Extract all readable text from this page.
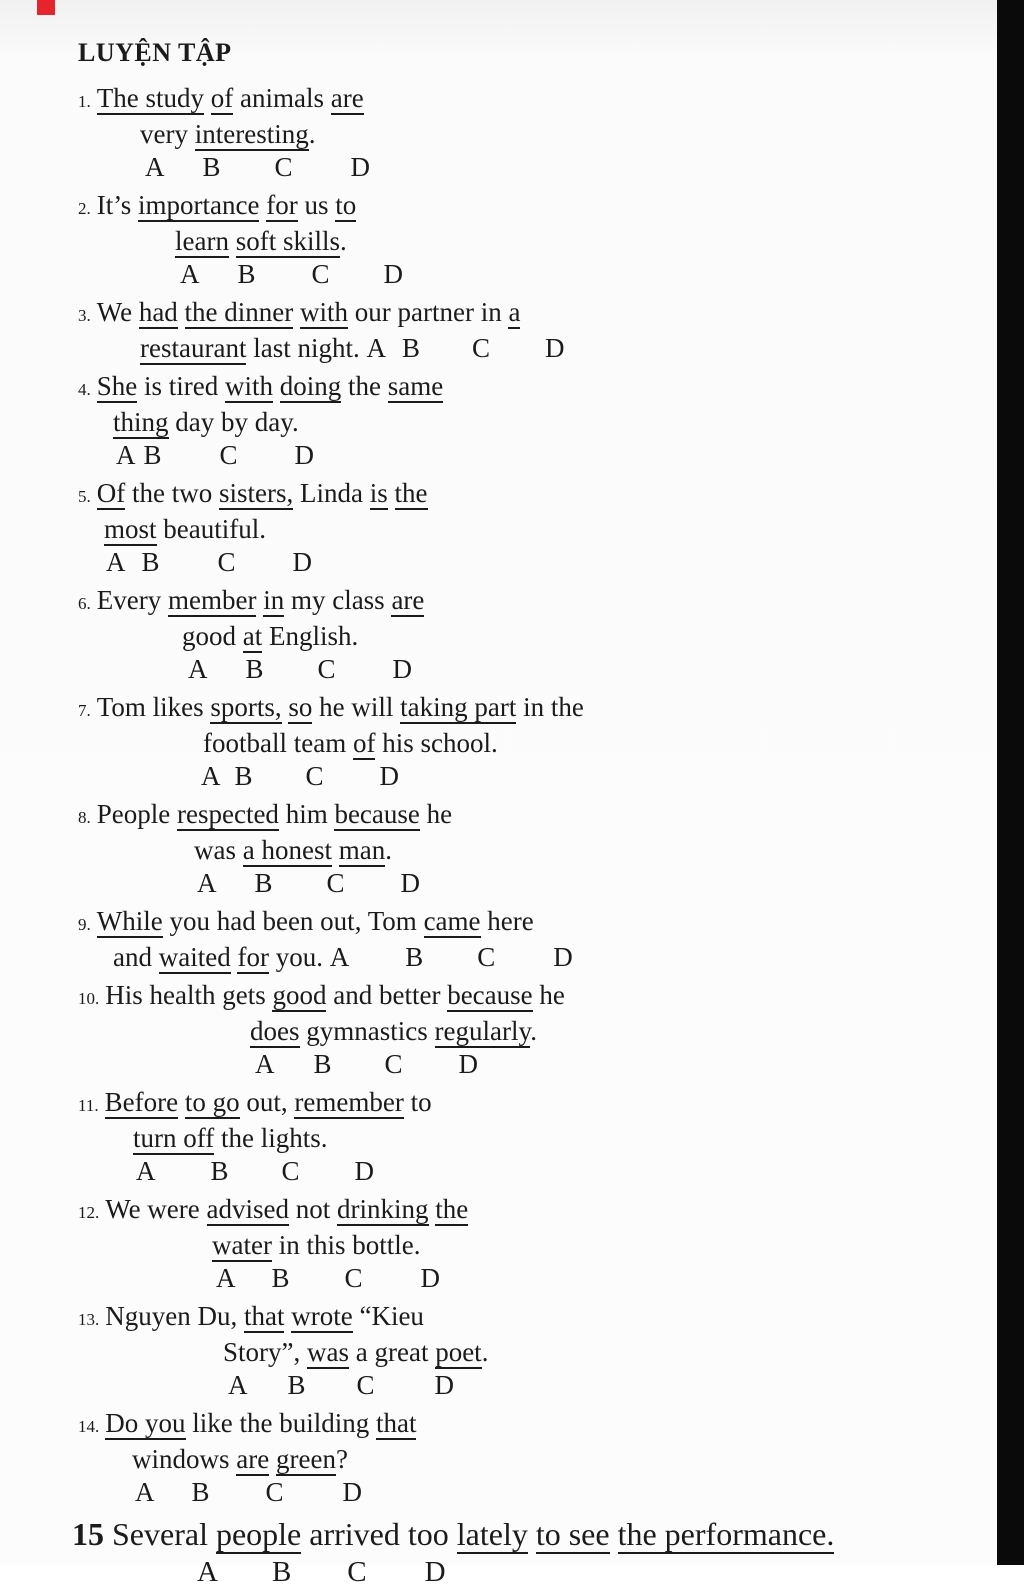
LUYỆN TẬP
1. The study of animals are
very interesting.
A B C D
2. It’s importance for us to
learn soft skills.
A B C D
3. We had the dinner with our partner in a
restaurant last night. A B C D
4. She is tired with doing the same
thing day by day.
A B C D
5. Of the two sisters, Linda is the
most beautiful.
A B C D
6. Every member in my class are
good at English.
A B C D
7. Tom likes sports, so he will taking part in the
football team of his school.
A B C D
8. People respected him because he
was a honest man.
A B C D
9. While you had been out, Tom came here
and waited for you. A B C D
10. His health gets good and better because he
does gymnastics regularly.
A B C D
11. Before to go out, remember to
turn off the lights.
A B C D
12. We were advised not drinking the
water in this bottle.
A B C D
13. Nguyen Du, that wrote “Kieu
Story”, was a great poet.
A B C D
14. Do you like the building that
windows are green?
A B C D
15 Several people arrived too lately to see the performance.
A B C D
